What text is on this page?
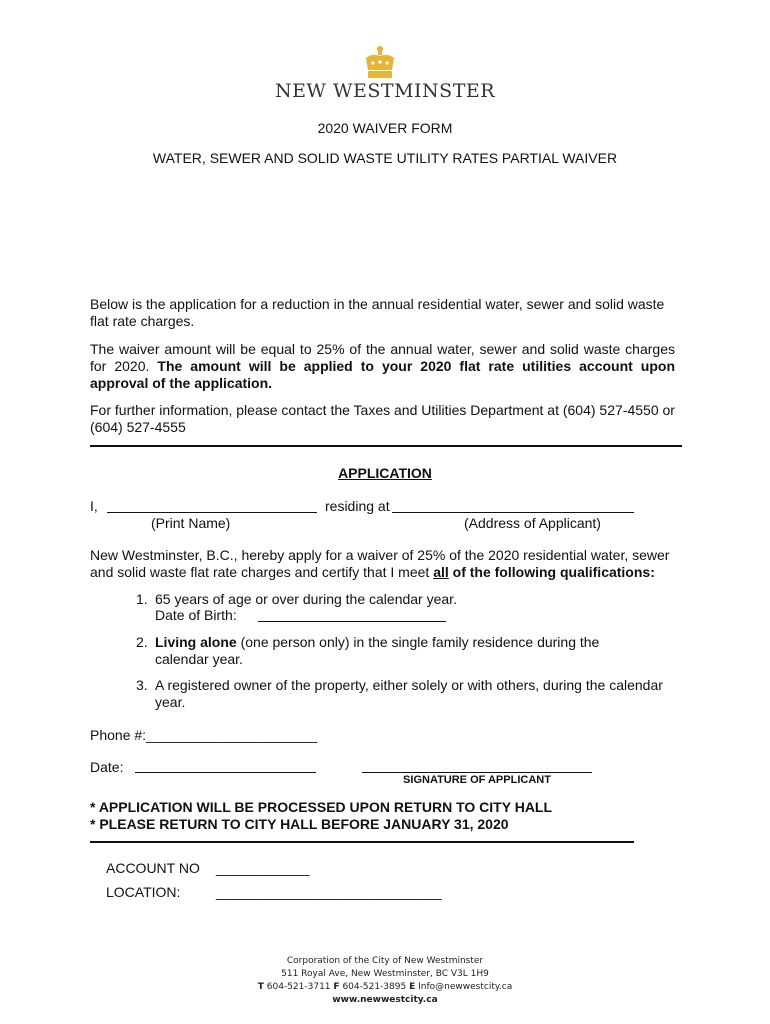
NEW WESTMINSTER
2020 WAIVER FORM
WATER, SEWER AND SOLID WASTE UTILITY RATES PARTIAL WAIVER
Below is the application for a reduction in the annual residential water, sewer and solid waste flat rate charges.
The waiver amount will be equal to 25% of the annual water, sewer and solid waste charges for 2020. The amount will be applied to your 2020 flat rate utilities account upon approval of the application.
For further information, please contact the Taxes and Utilities Department at (604) 527-4550 or (604) 527-4555
APPLICATION
I,	residing at
(Print Name)	(Address of Applicant)
New Westminster, B.C., hereby apply for a waiver of 25% of the 2020 residential water, sewer and solid waste flat rate charges and certify that I meet all of the following qualifications:
1. 65 years of age or over during the calendar year.
Date of Birth:
2. Living alone (one person only) in the single family residence during the
calendar year.
3. A registered owner of the property, either solely or with others, during the calendar
year.
Phone #:______________________
Date:
SIGNATURE OF APPLICANT
* APPLICATION WILL BE PROCESSED UPON RETURN TO CITY HALL
* PLEASE RETURN TO CITY HALL BEFORE JANUARY 31, 2020
ACCOUNT NO ____________
LOCATION:	_____________________________
Corporation of the City of New Westminster
511 Royal Ave, New Westminster, BC V3L 1H9
T 604-521-3711 F 604-521-3895 E Info@newwestcity.ca
www.newwestcity.ca
